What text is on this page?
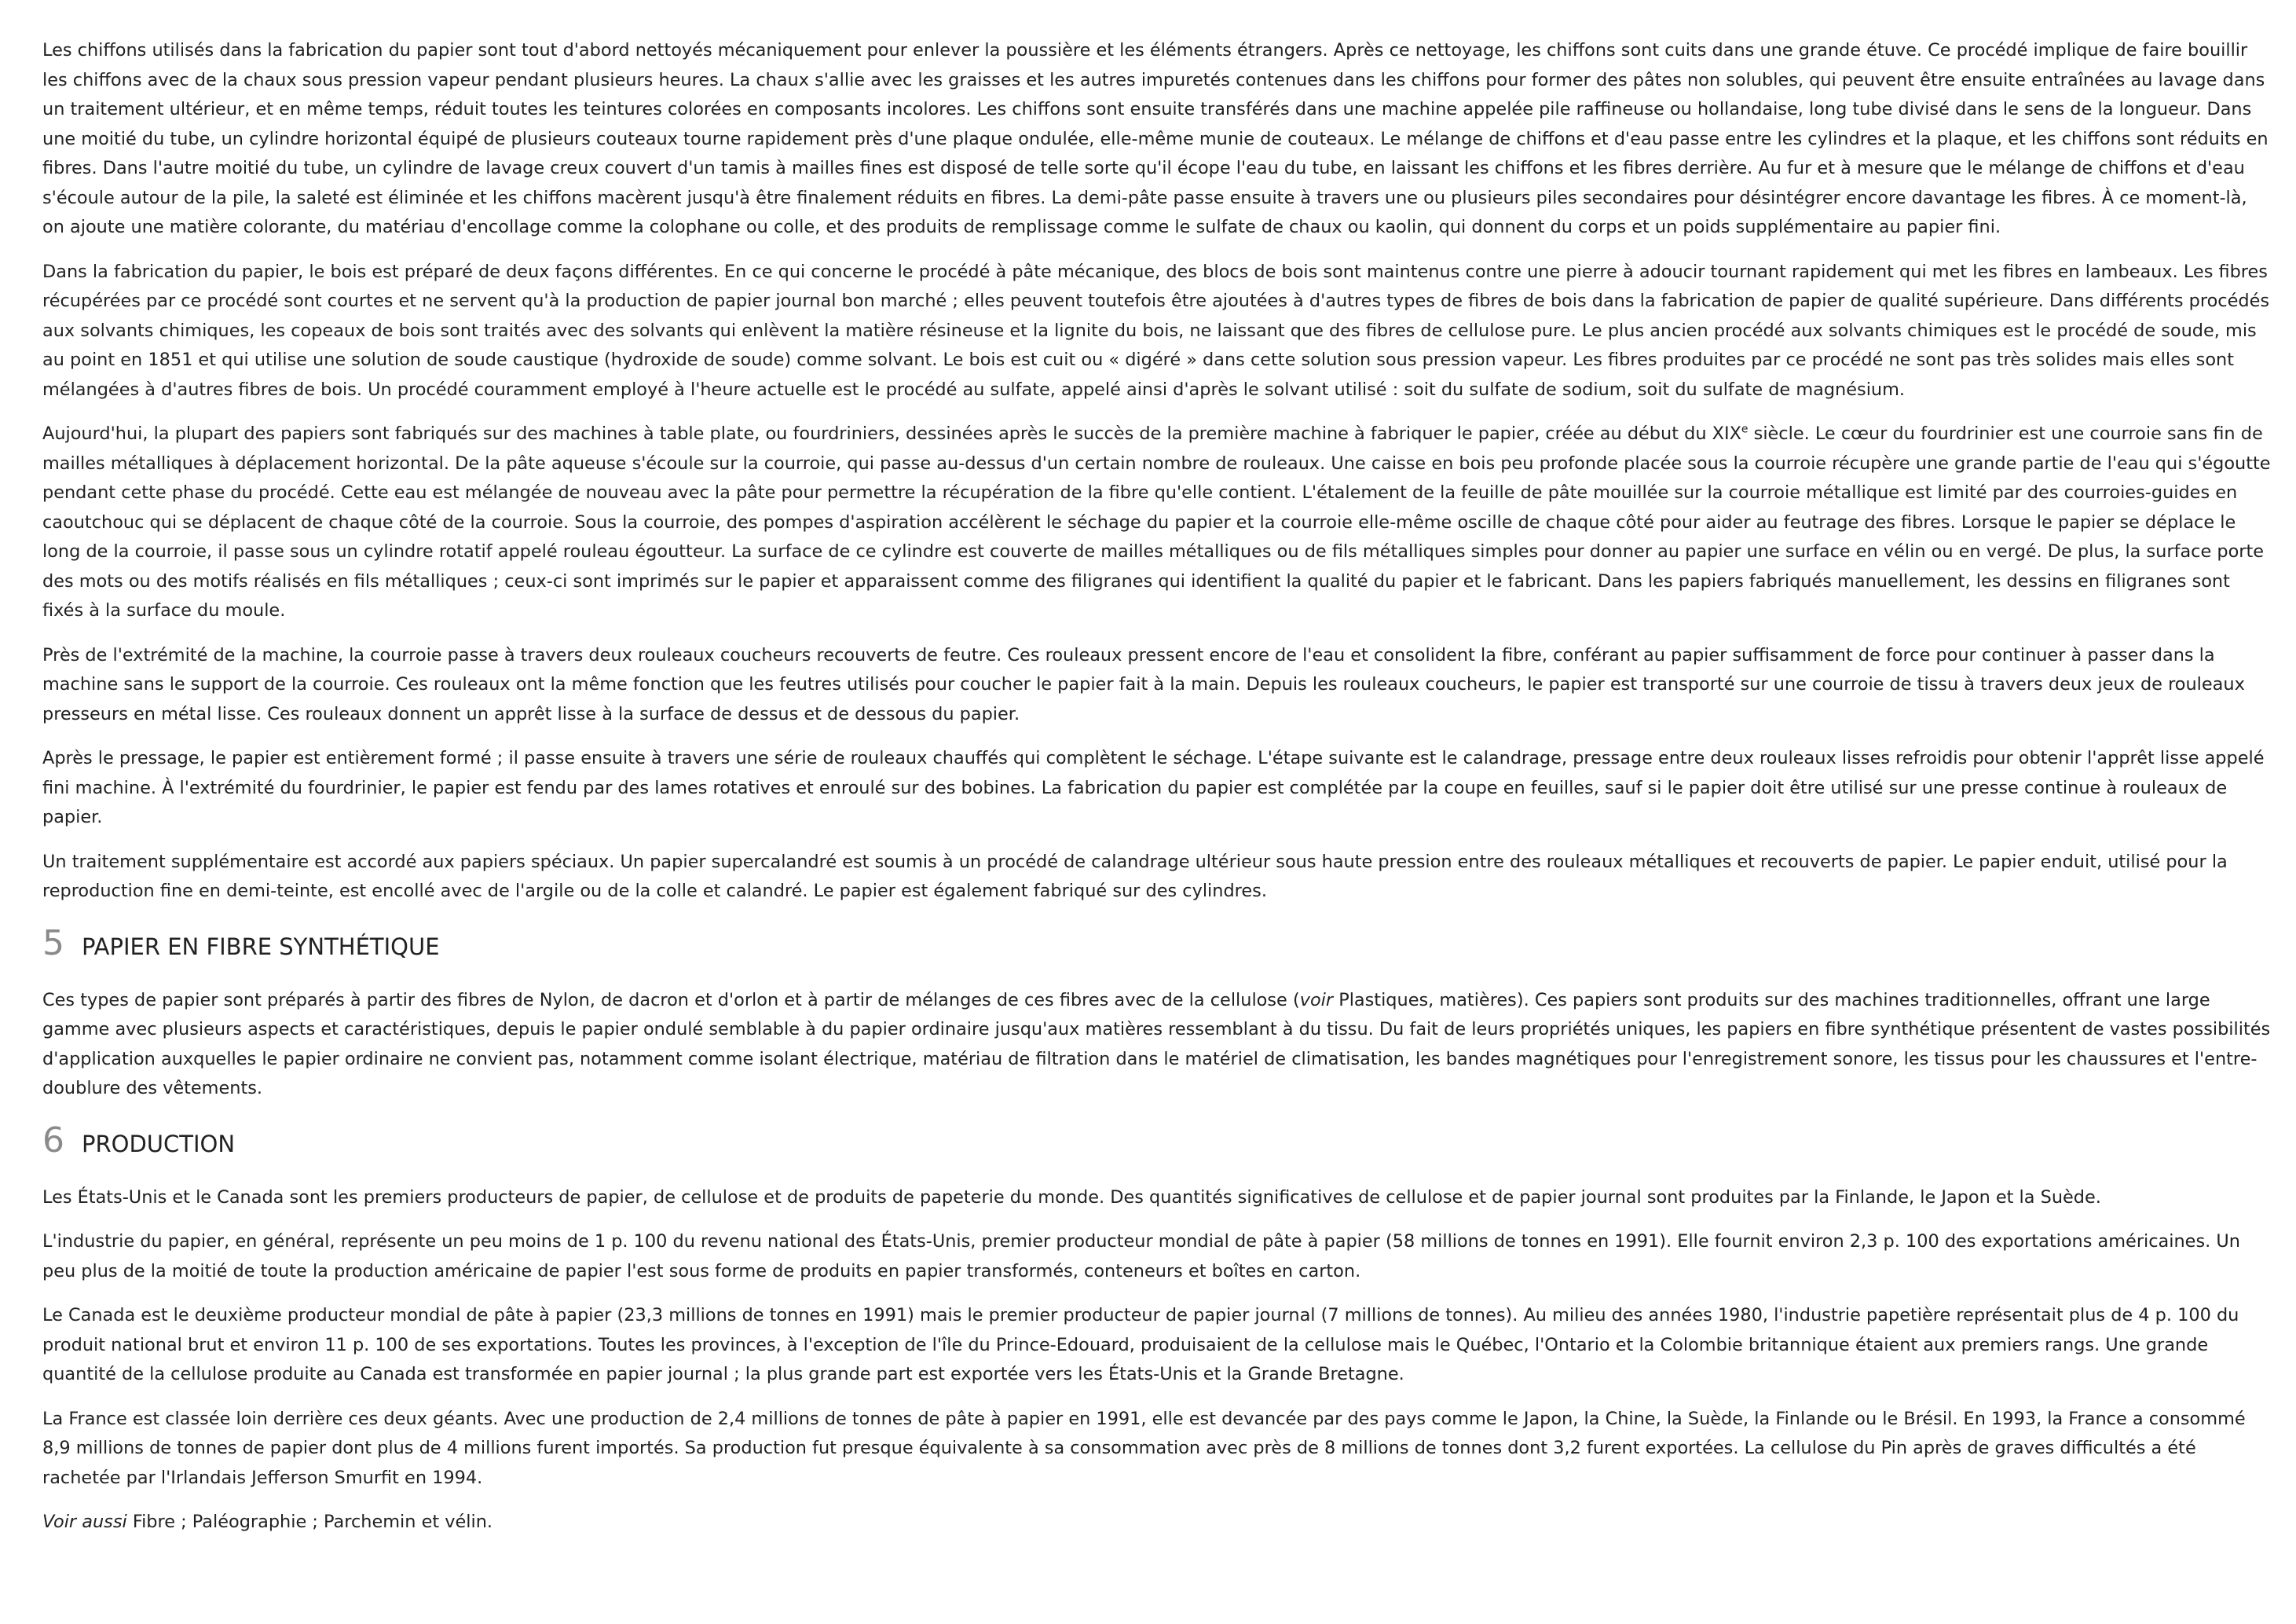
Les chiffons utilisés dans la fabrication du papier sont tout d'abord nettoyés mécaniquement pour enlever la poussière et les éléments étrangers. Après ce nettoyage, les chiffons sont cuits dans une grande étuve. Ce procédé implique de faire bouillir les chiffons avec de la chaux sous pression vapeur pendant plusieurs heures. La chaux s'allie avec les graisses et les autres impuretés contenues dans les chiffons pour former des pâtes non solubles, qui peuvent être ensuite entraînées au lavage dans un traitement ultérieur, et en même temps, réduit toutes les teintures colorées en composants incolores. Les chiffons sont ensuite transférés dans une machine appelée pile raffineuse ou hollandaise, long tube divisé dans le sens de la longueur. Dans une moitié du tube, un cylindre horizontal équipé de plusieurs couteaux tourne rapidement près d'une plaque ondulée, elle-même munie de couteaux. Le mélange de chiffons et d'eau passe entre les cylindres et la plaque, et les chiffons sont réduits en fibres. Dans l'autre moitié du tube, un cylindre de lavage creux couvert d'un tamis à mailles fines est disposé de telle sorte qu'il écope l'eau du tube, en laissant les chiffons et les fibres derrière. Au fur et à mesure que le mélange de chiffons et d'eau s'écoule autour de la pile, la saleté est éliminée et les chiffons macèrent jusqu'à être finalement réduits en fibres. La demi-pâte passe ensuite à travers une ou plusieurs piles secondaires pour désintégrer encore davantage les fibres. À ce moment-là, on ajoute une matière colorante, du matériau d'encollage comme la colophane ou colle, et des produits de remplissage comme le sulfate de chaux ou kaolin, qui donnent du corps et un poids supplémentaire au papier fini.

Dans la fabrication du papier, le bois est préparé de deux façons différentes. En ce qui concerne le procédé à pâte mécanique, des blocs de bois sont maintenus contre une pierre à adoucir tournant rapidement qui met les fibres en lambeaux. Les fibres récupérées par ce procédé sont courtes et ne servent qu'à la production de papier journal bon marché ; elles peuvent toutefois être ajoutées à d'autres types de fibres de bois dans la fabrication de papier de qualité supérieure. Dans différents procédés aux solvants chimiques, les copeaux de bois sont traités avec des solvants qui enlèvent la matière résineuse et la lignite du bois, ne laissant que des fibres de cellulose pure. Le plus ancien procédé aux solvants chimiques est le procédé de soude, mis au point en 1851 et qui utilise une solution de soude caustique (hydroxide de soude) comme solvant. Le bois est cuit ou « digéré » dans cette solution sous pression vapeur. Les fibres produites par ce procédé ne sont pas très solides mais elles sont mélangées à d'autres fibres de bois. Un procédé couramment employé à l'heure actuelle est le procédé au sulfate, appelé ainsi d'après le solvant utilisé : soit du sulfate de sodium, soit du sulfate de magnésium.

Aujourd'hui, la plupart des papiers sont fabriqués sur des machines à table plate, ou fourdriniers, dessinées après le succès de la première machine à fabriquer le papier, créée au début du XIXe siècle. Le cœur du fourdrinier est une courroie sans fin de mailles métalliques à déplacement horizontal. De la pâte aqueuse s'écoule sur la courroie, qui passe au-dessus d'un certain nombre de rouleaux. Une caisse en bois peu profonde placée sous la courroie récupère une grande partie de l'eau qui s'égoutte pendant cette phase du procédé. Cette eau est mélangée de nouveau avec la pâte pour permettre la récupération de la fibre qu'elle contient. L'étalement de la feuille de pâte mouillée sur la courroie métallique est limité par des courroies-guides en caoutchouc qui se déplacent de chaque côté de la courroie. Sous la courroie, des pompes d'aspiration accélèrent le séchage du papier et la courroie elle-même oscille de chaque côté pour aider au feutrage des fibres. Lorsque le papier se déplace le long de la courroie, il passe sous un cylindre rotatif appelé rouleau égoutteur. La surface de ce cylindre est couverte de mailles métalliques ou de fils métalliques simples pour donner au papier une surface en vélin ou en vergé. De plus, la surface porte des mots ou des motifs réalisés en fils métalliques ; ceux-ci sont imprimés sur le papier et apparaissent comme des filigranes qui identifient la qualité du papier et le fabricant. Dans les papiers fabriqués manuellement, les dessins en filigranes sont fixés à la surface du moule.

Près de l'extrémité de la machine, la courroie passe à travers deux rouleaux coucheurs recouverts de feutre. Ces rouleaux pressent encore de l'eau et consolident la fibre, conférant au papier suffisamment de force pour continuer à passer dans la machine sans le support de la courroie. Ces rouleaux ont la même fonction que les feutres utilisés pour coucher le papier fait à la main. Depuis les rouleaux coucheurs, le papier est transporté sur une courroie de tissu à travers deux jeux de rouleaux presseurs en métal lisse. Ces rouleaux donnent un apprêt lisse à la surface de dessus et de dessous du papier.

Après le pressage, le papier est entièrement formé ; il passe ensuite à travers une série de rouleaux chauffés qui complètent le séchage. L'étape suivante est le calandrage, pressage entre deux rouleaux lisses refroidis pour obtenir l'apprêt lisse appelé fini machine. À l'extrémité du fourdrinier, le papier est fendu par des lames rotatives et enroulé sur des bobines. La fabrication du papier est complétée par la coupe en feuilles, sauf si le papier doit être utilisé sur une presse continue à rouleaux de papier.

Un traitement supplémentaire est accordé aux papiers spéciaux. Un papier supercalandré est soumis à un procédé de calandrage ultérieur sous haute pression entre des rouleaux métalliques et recouverts de papier. Le papier enduit, utilisé pour la reproduction fine en demi-teinte, est encollé avec de l'argile ou de la colle et calandré. Le papier est également fabriqué sur des cylindres.

5 PAPIER EN FIBRE SYNTHÉTIQUE

Ces types de papier sont préparés à partir des fibres de Nylon, de dacron et d'orlon et à partir de mélanges de ces fibres avec de la cellulose (voir Plastiques, matières). Ces papiers sont produits sur des machines traditionnelles, offrant une large gamme avec plusieurs aspects et caractéristiques, depuis le papier ondulé semblable à du papier ordinaire jusqu'aux matières ressemblant à du tissu. Du fait de leurs propriétés uniques, les papiers en fibre synthétique présentent de vastes possibilités d'application auxquelles le papier ordinaire ne convient pas, notamment comme isolant électrique, matériau de filtration dans le matériel de climatisation, les bandes magnétiques pour l'enregistrement sonore, les tissus pour les chaussures et l'entre-doublure des vêtements.

6 PRODUCTION

Les États-Unis et le Canada sont les premiers producteurs de papier, de cellulose et de produits de papeterie du monde. Des quantités significatives de cellulose et de papier journal sont produites par la Finlande, le Japon et la Suède.

L'industrie du papier, en général, représente un peu moins de 1 p. 100 du revenu national des États-Unis, premier producteur mondial de pâte à papier (58 millions de tonnes en 1991). Elle fournit environ 2,3 p. 100 des exportations américaines. Un peu plus de la moitié de toute la production américaine de papier l'est sous forme de produits en papier transformés, conteneurs et boîtes en carton.

Le Canada est le deuxième producteur mondial de pâte à papier (23,3 millions de tonnes en 1991) mais le premier producteur de papier journal (7 millions de tonnes). Au milieu des années 1980, l'industrie papetière représentait plus de 4 p. 100 du produit national brut et environ 11 p. 100 de ses exportations. Toutes les provinces, à l'exception de l'île du Prince-Edouard, produisaient de la cellulose mais le Québec, l'Ontario et la Colombie britannique étaient aux premiers rangs. Une grande quantité de la cellulose produite au Canada est transformée en papier journal ; la plus grande part est exportée vers les États-Unis et la Grande Bretagne.

La France est classée loin derrière ces deux géants. Avec une production de 2,4 millions de tonnes de pâte à papier en 1991, elle est devancée par des pays comme le Japon, la Chine, la Suède, la Finlande ou le Brésil. En 1993, la France a consommé 8,9 millions de tonnes de papier dont plus de 4 millions furent importés. Sa production fut presque équivalente à sa consommation avec près de 8 millions de tonnes dont 3,2 furent exportées. La cellulose du Pin après de graves difficultés a été rachetée par l'Irlandais Jefferson Smurfit en 1994.

Voir aussi Fibre ; Paléographie ; Parchemin et vélin.
